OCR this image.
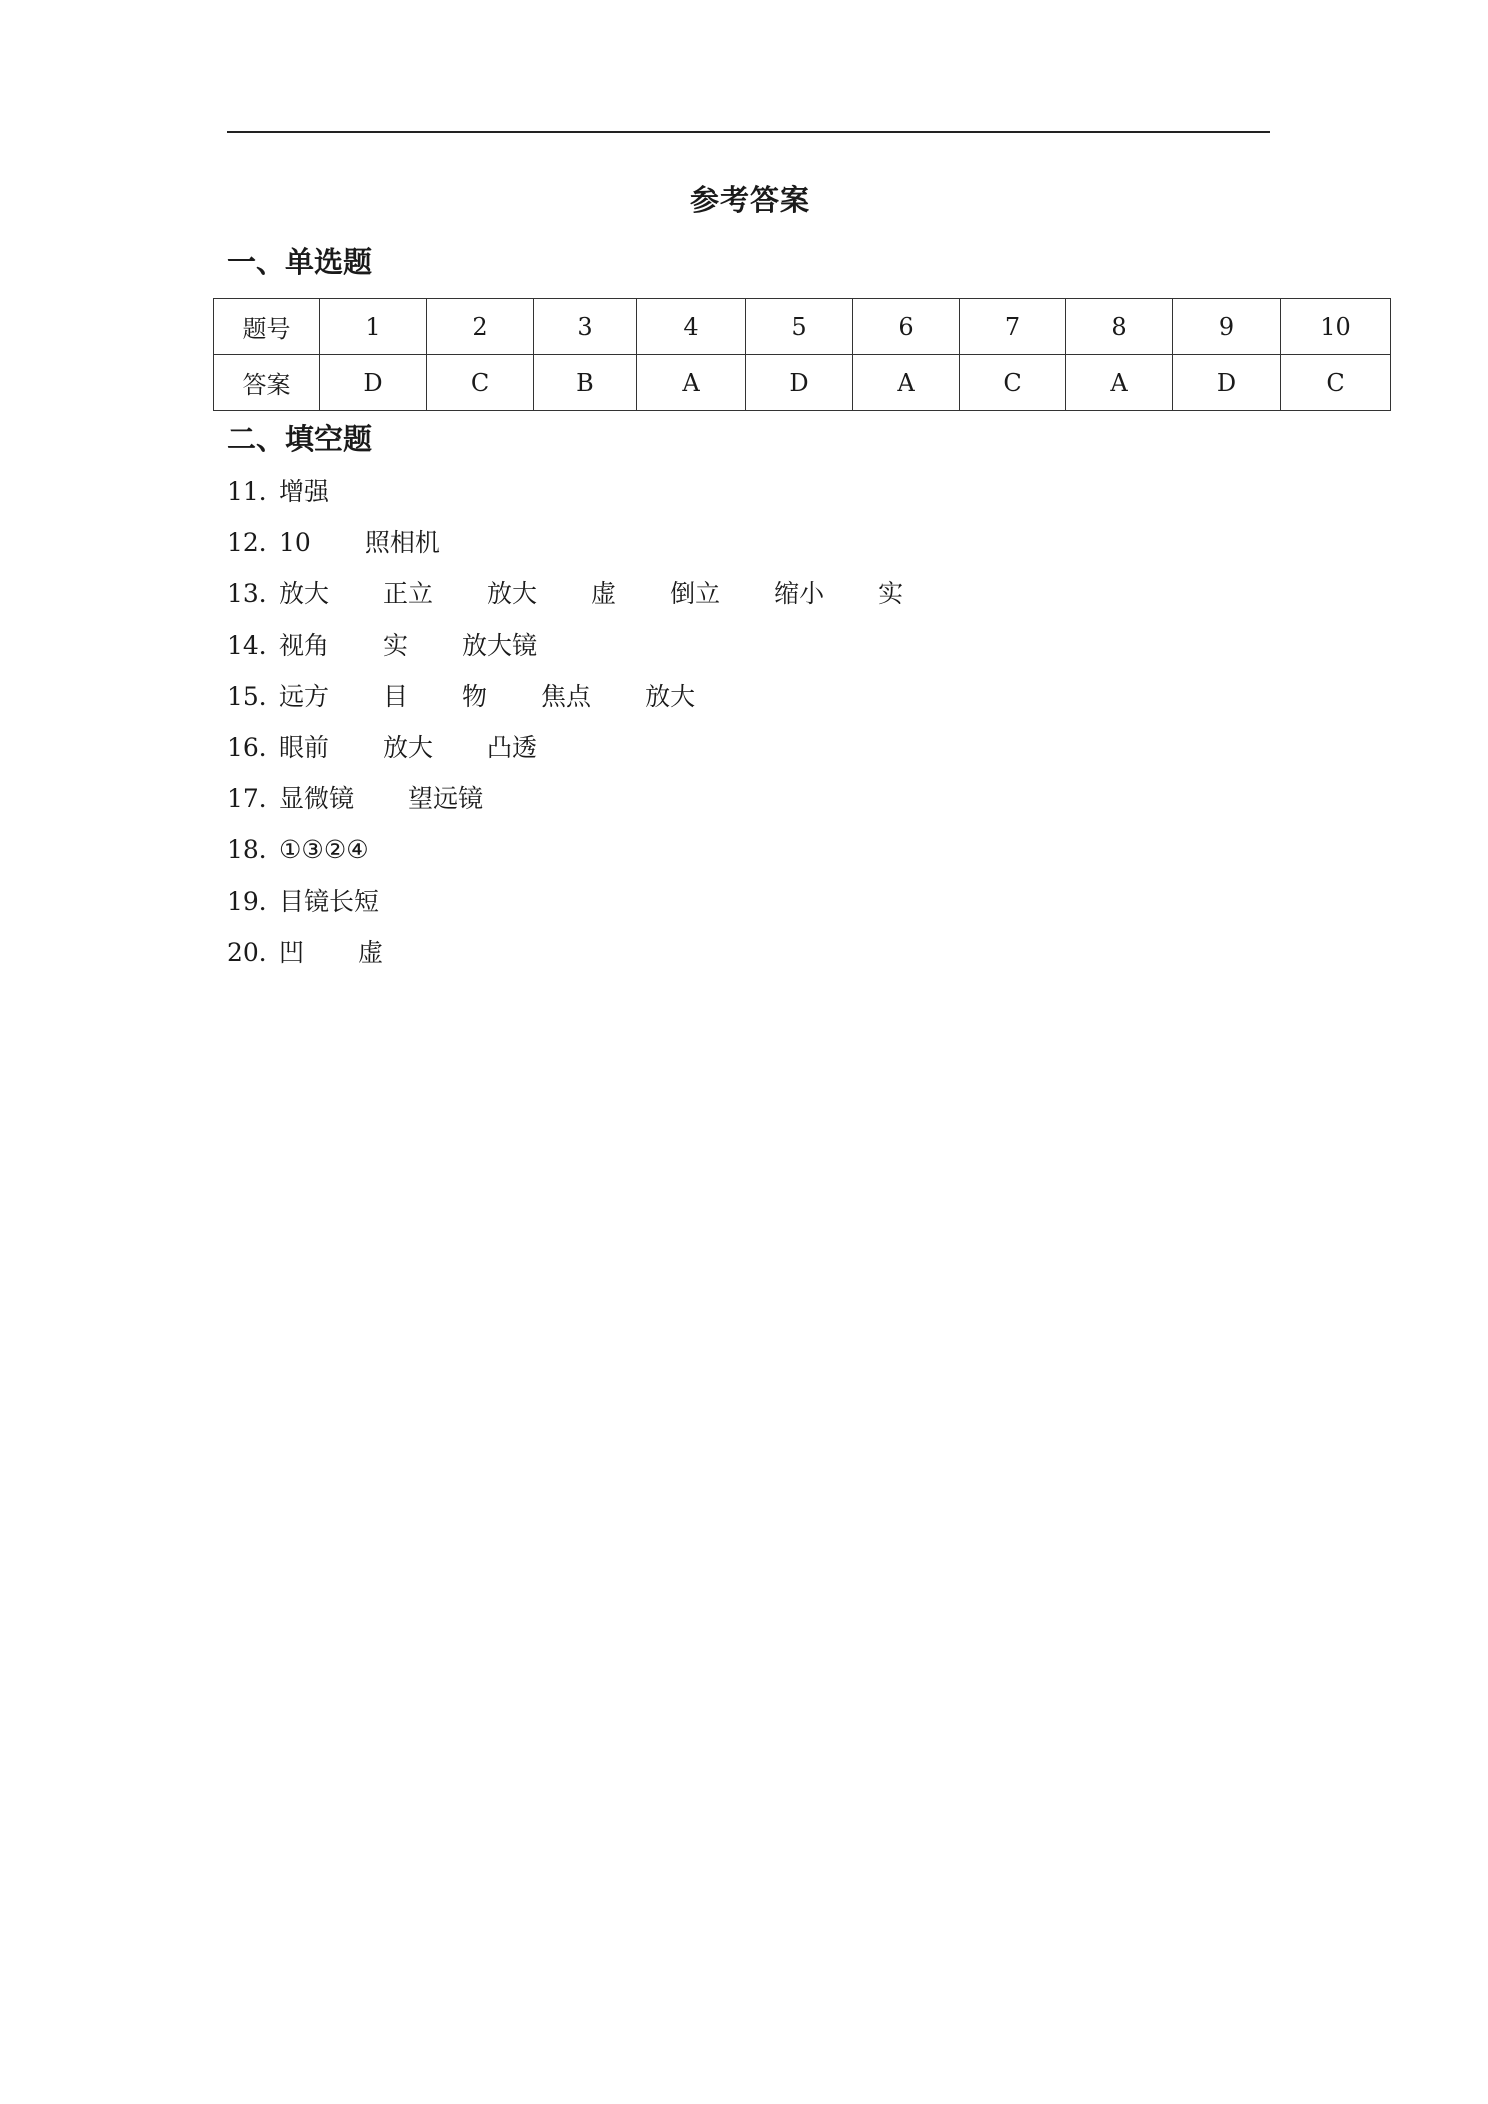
参考答案
一、单选题
题号	1	2	3	4	5	6	7	8	9	10
答案	D	C	B	A	D	A	C	A	D	C
二、填空题
11．增强
12．10 照相机
13．放大 正立 放大 虚 倒立 缩小 实
14．视角 实 放大镜
15．远方 目 物 焦点 放大
16．眼前 放大 凸透
17．显微镜 望远镜
18．①③②④
19．目镜长短
20．凹 虚
